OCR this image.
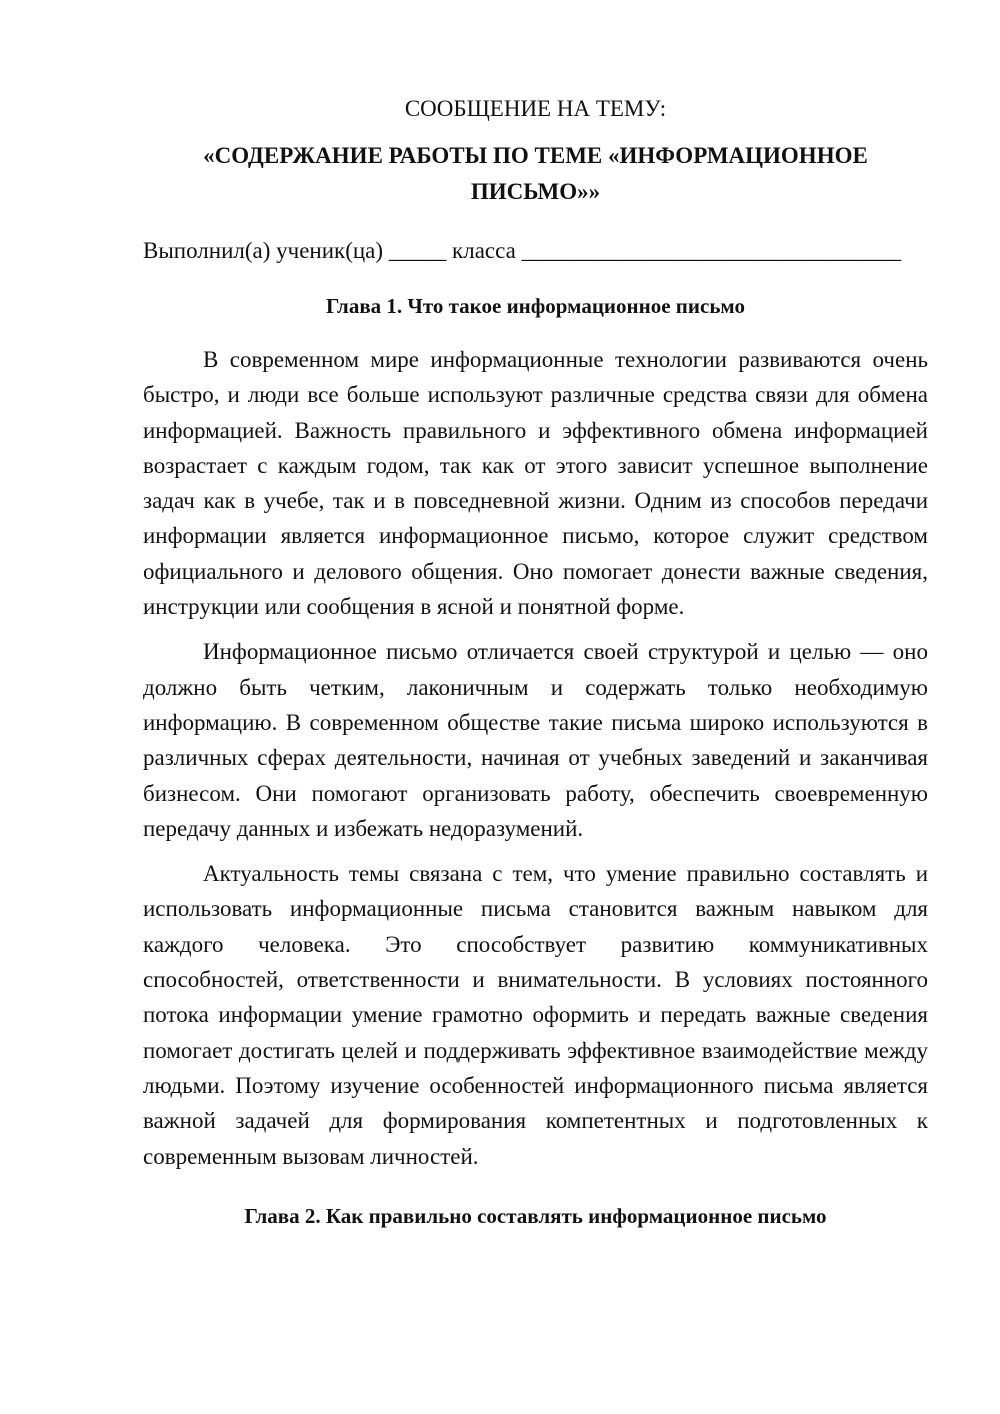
СООБЩЕНИЕ НА ТЕМУ:

«СОДЕРЖАНИЕ РАБОТЫ ПО ТЕМЕ «ИНФОРМАЦИОННОЕ ПИСЬМО»»

Выполнил(а) ученик(ца) _____ класса _________________________________

Глава 1. Что такое информационное письмо

В современном мире информационные технологии развиваются очень быстро, и люди все больше используют различные средства связи для обмена информацией. Важность правильного и эффективного обмена информацией возрастает с каждым годом, так как от этого зависит успешное выполнение задач как в учебе, так и в повседневной жизни. Одним из способов передачи информации является информационное письмо, которое служит средством официального и делового общения. Оно помогает донести важные сведения, инструкции или сообщения в ясной и понятной форме.

Информационное письмо отличается своей структурой и целью — оно должно быть четким, лаконичным и содержать только необходимую информацию. В современном обществе такие письма широко используются в различных сферах деятельности, начиная от учебных заведений и заканчивая бизнесом. Они помогают организовать работу, обеспечить своевременную передачу данных и избежать недоразумений.

Актуальность темы связана с тем, что умение правильно составлять и использовать информационные письма становится важным навыком для каждого человека. Это способствует развитию коммуникативных способностей, ответственности и внимательности. В условиях постоянного потока информации умение грамотно оформить и передать важные сведения помогает достигать целей и поддерживать эффективное взаимодействие между людьми. Поэтому изучение особенностей информационного письма является важной задачей для формирования компетентных и подготовленных к современным вызовам личностей.

Глава 2. Как правильно составлять информационное письмо
